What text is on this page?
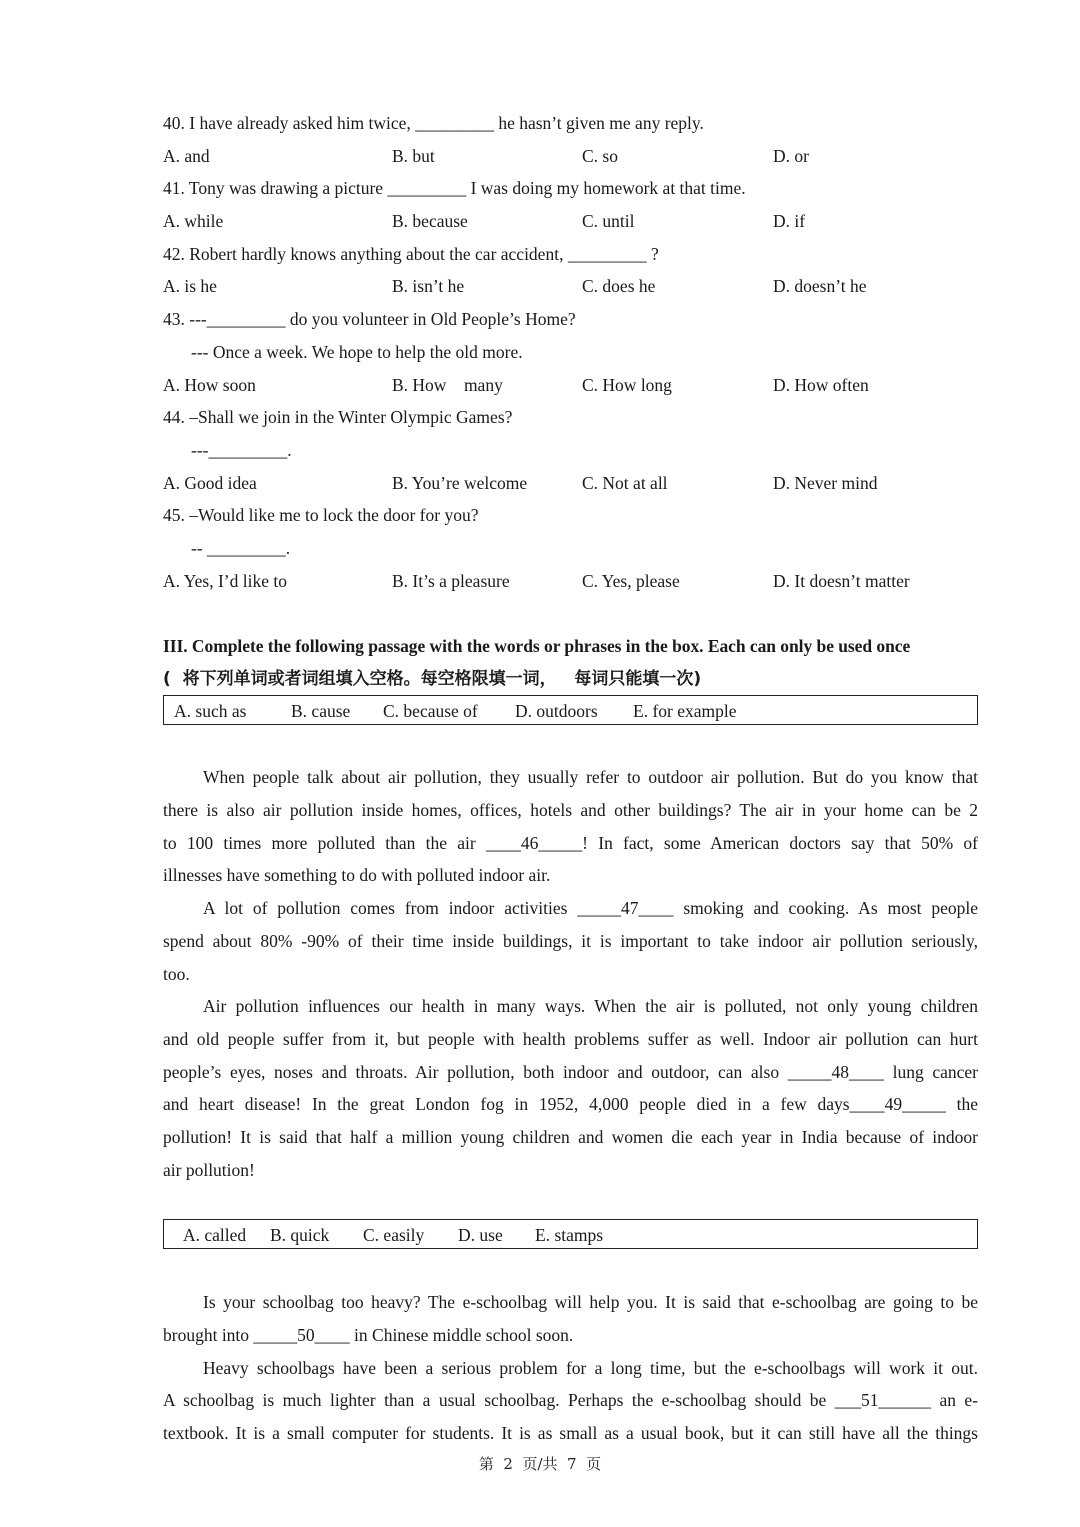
40. I have already asked him twice, _________ he hasn’t given me any reply.
A. and	B. but	C. so	D. or
41. Tony was drawing a picture _________ I was doing my homework at that time.
A. while	B. because	C. until	D. if
42. Robert hardly knows anything about the car accident, _________ ?
A. is he	B. isn’t he	C. does he	D. doesn’t he
43. ---_________ do you volunteer in Old People’s Home?
--- Once a week. We hope to help the old more.
A. How soon	B. How    many	C. How long	D. How often
44. –Shall we join in the Winter Olympic Games?
---_________.
A. Good idea	B. You’re welcome	C. Not at all	D. Never mind
45. –Would like me to lock the door for you?
-- _________.
A. Yes, I’d like to	B. It’s a pleasure	C. Yes, please	D. It doesn’t matter
III. Complete the following passage with the words or phrases in the box. Each can only be used once
(  将下列单词或者词组填入空格。每空格限填一词，   每词只能填一次)
A. such as	B. cause	C. because of	D. outdoors	E. for example
When people talk about air pollution, they usually refer to outdoor air pollution. But do you know that
there is also air pollution inside homes, offices, hotels and other buildings? The air in your home can be 2
to 100 times more polluted than the air ____46_____! In fact, some American doctors say that 50% of
illnesses have something to do with polluted indoor air.
A lot of pollution comes from indoor activities _____47____ smoking and cooking. As most people
spend about 80% -90% of their time inside buildings, it is important to take indoor air pollution seriously,
too.
Air pollution influences our health in many ways. When the air is polluted, not only young children
and old people suffer from it, but people with health problems suffer as well. Indoor air pollution can hurt
people’s eyes, noses and throats. Air pollution, both indoor and outdoor, can also _____48____ lung cancer
and heart disease! In the great London fog in 1952, 4,000 people died in a few days____49_____ the
pollution! It is said that half a million young children and women die each year in India because of indoor
air pollution!
A. called	B. quick	C. easily	D. use	E. stamps
Is your schoolbag too heavy? The e-schoolbag will help you. It is said that e-schoolbag are going to be
brought into _____50____ in Chinese middle school soon.
Heavy schoolbags have been a serious problem for a long time, but the e-schoolbags will work it out.
A schoolbag is much lighter than a usual schoolbag. Perhaps the e-schoolbag should be ___51______ an e-
textbook. It is a small computer for students. It is as small as a usual book, but it can still have all the things
第  2  页/共  7  页
